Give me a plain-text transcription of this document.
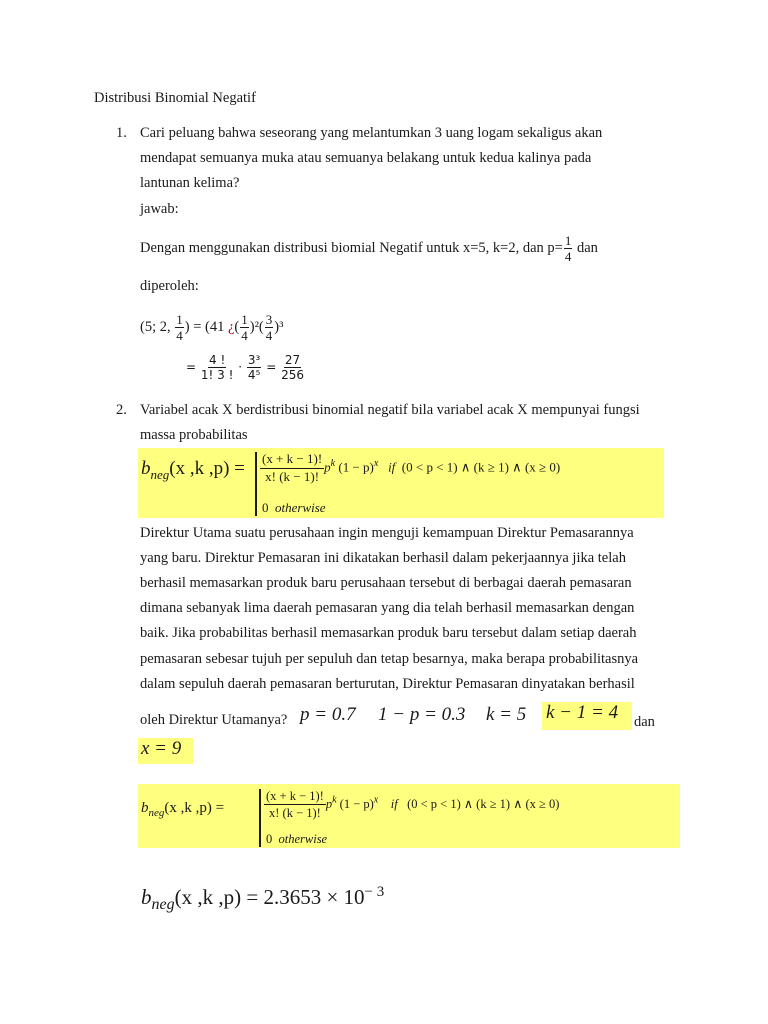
Distribusi Binomial Negatif
1. Cari peluang bahwa seseorang yang melantumkan 3 uang logam sekaligus akan
mendapat semuanya muka atau semuanya belakang untuk kedua kalinya pada
lantunan kelima?
jawab:
Dengan menggunakan distribusi biomial Negatif untuk x=5, k=2, dan $p= \frac{1}{4}$ dan
diperoleh:
(5; 2, $\frac{1}{4}$ ) = (41 ¿( $\frac{1}{4} )^2( \frac{3}{4} )^3$
= $\frac{4 !}{1! 3 !} \cdot \frac{\text{3³}}{\text{4⁵}} = \frac{27}{256}$
2. Variabel acak X berdistribusi binomial negatif bila variabel acak X mempunyai fungsi
massa probabilitas
$b_{neg}(x$ ,k $,p) = \frac{(x + k - 1)!}{x! (k - 1)!} p^k$ $(1 - p)^x$ if (0 < p < 1) ∧ (k ≥ 1) ∧ (x ≥ 0)
0 otherwise
Direktur Utama suatu perusahaan ingin menguji kemampuan Direktur Pemasarannya
yang baru. Direktur Pemasaran ini dikatakan berhasil dalam pekerjaannya jika telah
berhasil memasarkan produk baru perusahaan tersebut di berbagai daerah pemasaran
dimana sebanyak lima daerah pemasaran yang dia telah berhasil memasarkan dengan
baik. Jika probabilitas berhasil memasarkan produk baru tersebut dalam setiap daerah
pemasaran sebesar tujuh per sepuluh dan tetap besarnya, maka berapa probabilitasnya
dalam sepuluh daerah pemasaran berturutan, Direktur Pemasaran dinyatakan berhasil
oleh Direktur Utamanya? p = 0.7 1 − p = 0.3 k = 5 k − 1 = 4	dan
x = 9
$b_{neg}(x$ ,k ,p) =	$\frac{(x + k - 1)!}{x! (k - 1)!} p^k$ $(1 - p)^x$ if (0 < p < 1) ∧ (k ≥ 1) ∧ (x ≥ 0)
0 otherwise
$b_{neg}(x$ ,k $,p) = 2.3653 \times 10^{- 3}$
